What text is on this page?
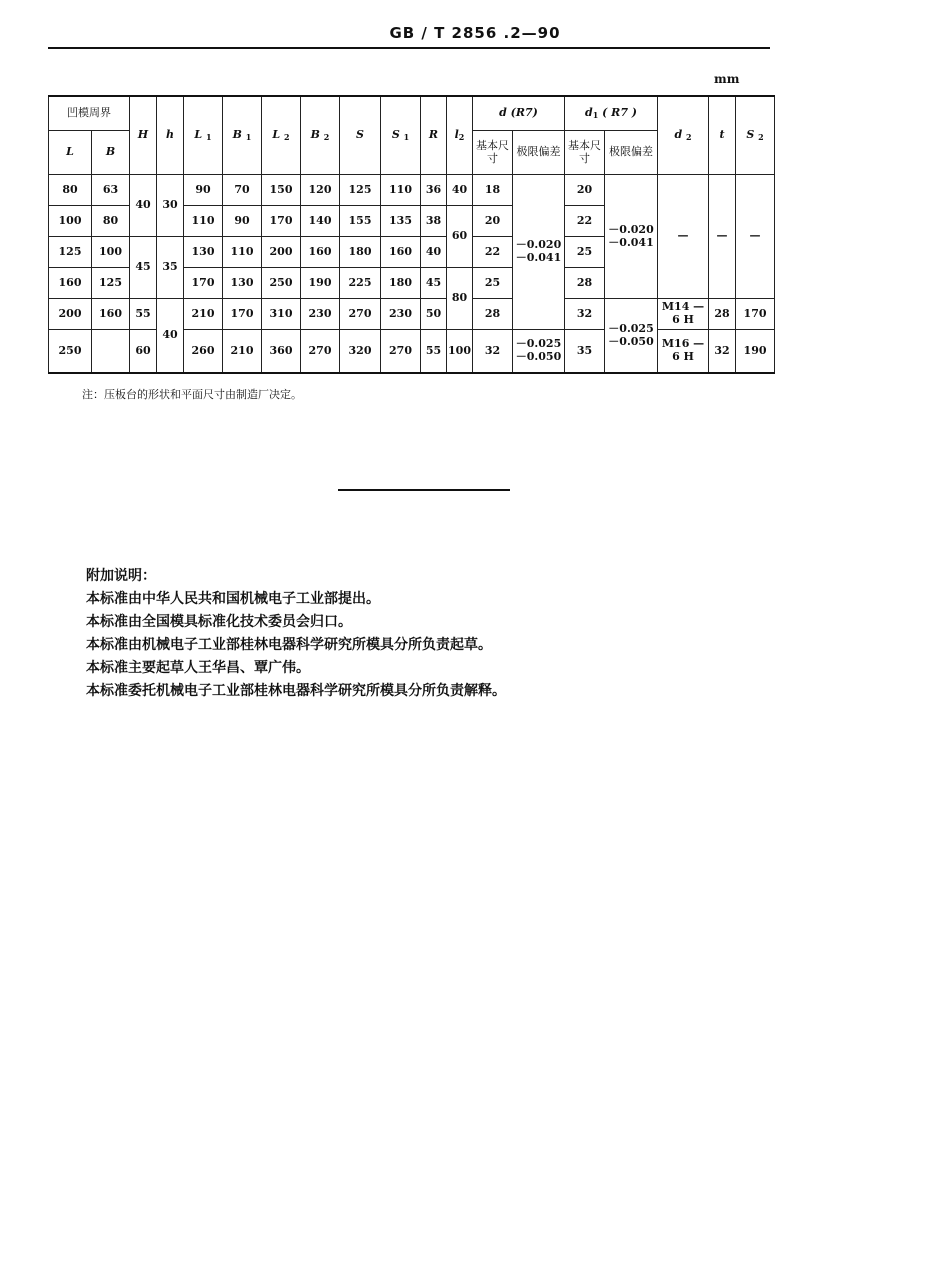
GB / T 2856 .2—90
mm
凹模周界		H	h	L $_1$	B $_1$	L $_2$	B $_2$	S	S $_1$	R	$l_2$	d (R7)		$d_1$ ( R7 )		d $_2$	t	S $_2$
L	B											基本尺寸	极限偏差	基本尺寸	极限偏差			
80	63	40	30	90	70	150	120	125	110	36	40	18	－0.020 －0.041	20	－0.020 －0.041	—	—	—
100	80			110	90	170	140	155	135	38	60	20		22				
125	100	45	35	130	110	200	160	180	160	40		22		25				
160	125			170	130	250	190	225	180	45	80	25		28				
200	160	55	40	210	170	310	230	270	230	50		28		32	－0.025 －0.050	M14 — 6 H	28	170
250		60		260	210	360	270	320	270	55	100	32	－0.025 －0.050	35		M16 — 6 H	32	190
注：压板台的形状和平面尺寸由制造厂决定。
附加说明：
本标准由中华人民共和国机械电子工业部提出。
本标准由全国模具标准化技术委员会归口。
本标准由机械电子工业部桂林电器科学研究所模具分所负责起草。
本标准主要起草人王华昌、覃广伟。
本标准委托机械电子工业部桂林电器科学研究所模具分所负责解释。
